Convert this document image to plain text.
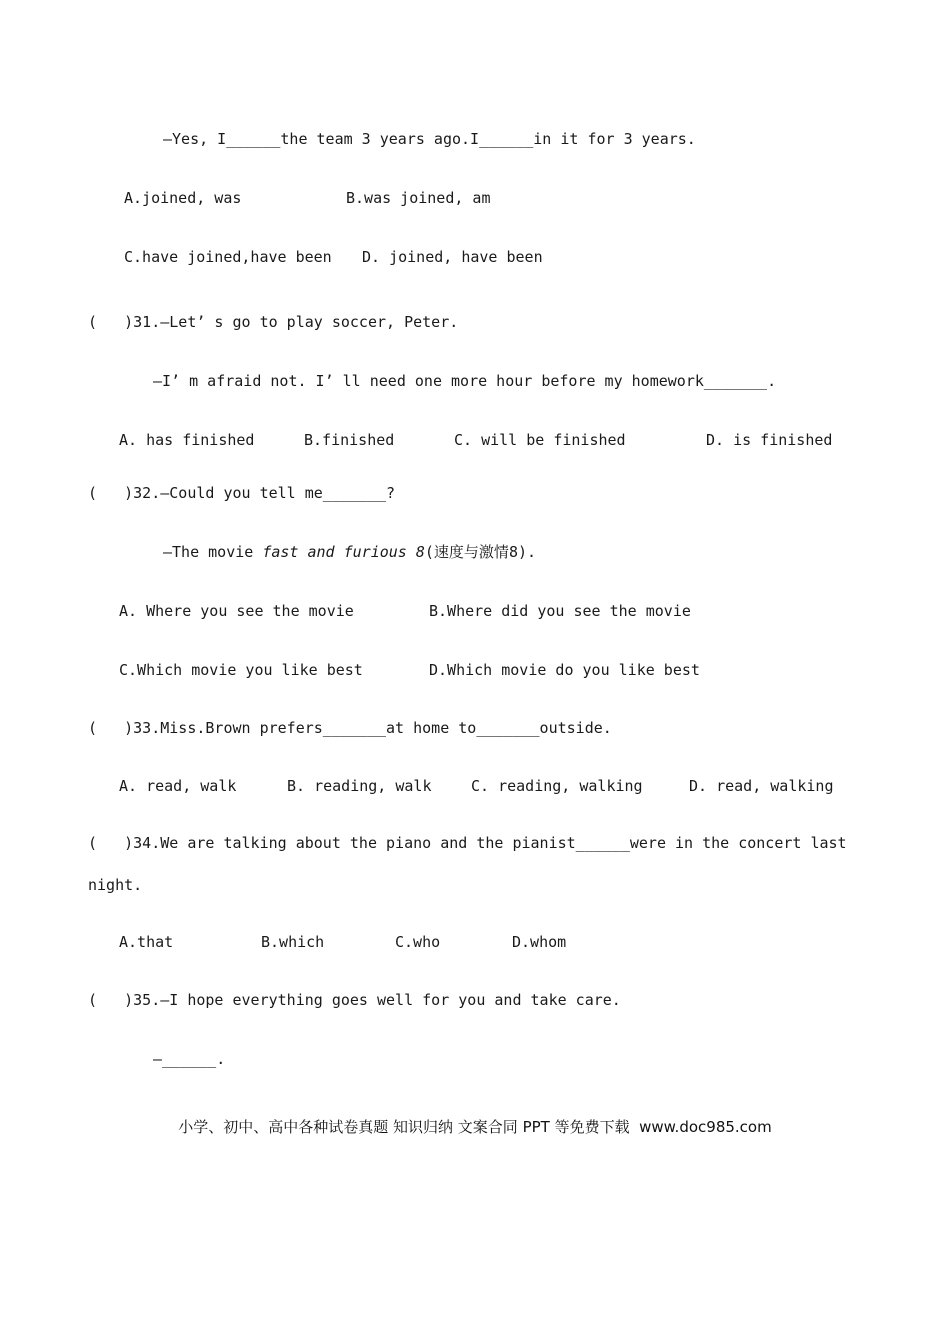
—Yes, I______the team 3 years ago.I______in it for 3 years.
A.joined, was	B.was joined, am
C.have joined,have been D. joined, have been
(   )31.—Let’ s go to play soccer, Peter.
—I’ m afraid not. I’ ll need one more hour before my homework_______.
A. has finished	B.finished	C. will be finished	D. is finished
(   )32.—Could you tell me_______?
—The movie fast and furious 8(速度与激情8).
A. Where you see the movie	B.Where did you see the movie
C.Which movie you like best	D.Which movie do you like best
(   )33.Miss.Brown prefers_______at home to_______outside.
A. read, walk	B. reading, walk	C. reading, walking	D. read, walking
(   )34.We are talking about the piano and the pianist______were in the concert last
night.
A.that	B.which	C.who	D.whom
(   )35.—I hope everything goes well for you and take care.
—______.
小学、初中、高中各种试卷真题 知识归纳 文案合同 PPT 等免费下载  www.doc985.com
